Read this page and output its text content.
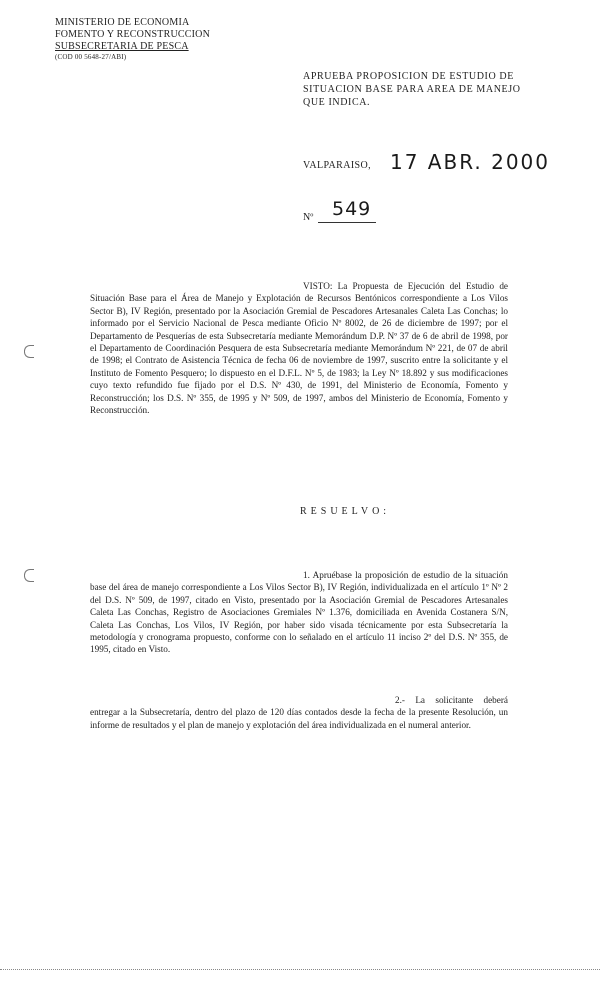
MINISTERIO DE ECONOMIA
FOMENTO Y RECONSTRUCCION
SUBSECRETARIA DE PESCA
(COD 00 5648-27/ABI)
APRUEBA PROPOSICION DE ESTUDIO DE SITUACION BASE PARA AREA DE MANEJO QUE INDICA.
VALPARAISO, 17 ABR. 2000
Nº 549
VISTO: La Propuesta de Ejecución del Estudio de Situación Base para el Área de Manejo y Explotación de Recursos Bentónicos correspondiente a Los Vilos Sector B), IV Región, presentado por la Asociación Gremial de Pescadores Artesanales Caleta Las Conchas; lo informado por el Servicio Nacional de Pesca mediante Oficio Nº 8002, de 26 de diciembre de 1997; por el Departamento de Pesquerías de esta Subsecretaría mediante Memorándum D.P. Nº 37 de 6 de abril de 1998, por el Departamento de Coordinación Pesquera de esta Subsecretaría mediante Memorándum Nº 221, de 07 de abril de 1998; el Contrato de Asistencia Técnica de fecha 06 de noviembre de 1997, suscrito entre la solicitante y el Instituto de Fomento Pesquero; lo dispuesto en el D.F.L. Nº 5, de 1983; la Ley Nº 18.892 y sus modificaciones cuyo texto refundido fue fijado por el D.S. Nº 430, de 1991, del Ministerio de Economía, Fomento y Reconstrucción; los D.S. Nº 355, de 1995 y Nº 509, de 1997, ambos del Ministerio de Economía, Fomento y Reconstrucción.
RESUELVO:
1. Apruébase la proposición de estudio de la situación base del área de manejo correspondiente a Los Vilos Sector B), IV Región, individualizada en el artículo 1º Nº 2 del D.S. Nº 509, de 1997, citado en Visto, presentado por la Asociación Gremial de Pescadores Artesanales Caleta Las Conchas, Registro de Asociaciones Gremiales Nº 1.376, domiciliada en Avenida Costanera S/N, Caleta Las Conchas, Los Vilos, IV Región, por haber sido visada técnicamente por esta Subsecretaría la metodología y cronograma propuesto, conforme con lo señalado en el artículo 11 inciso 2º del D.S. Nº 355, de 1995, citado en Visto.
2.- La solicitante deberá entregar a la Subsecretaría, dentro del plazo de 120 días contados desde la fecha de la presente Resolución, un informe de resultados y el plan de manejo y explotación del área individualizada en el numeral anterior.
